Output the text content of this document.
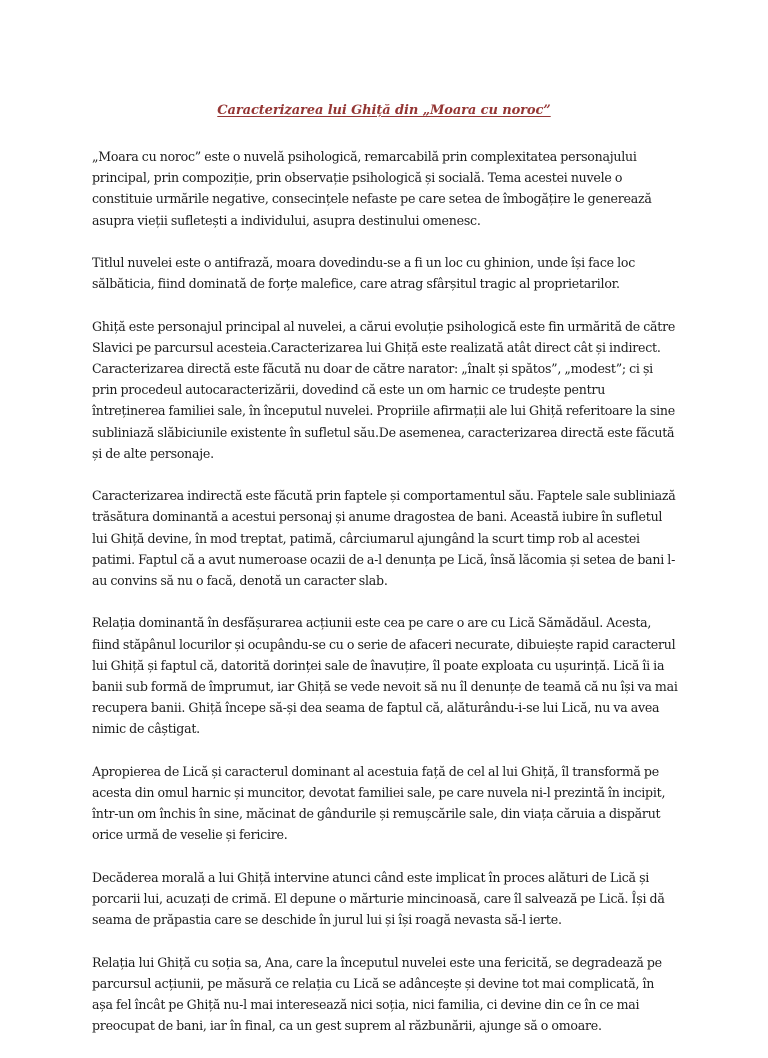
Caracterizarea lui Ghiță din „Moara cu noroc”

„Moara cu noroc” este o nuvelă psihologică, remarcabilă prin complexitatea personajului principal, prin compoziție, prin observație psihologică și socială. Tema acestei nuvele o constituie urmările negative, consecințele nefaste pe care setea de îmbogățire le generează asupra vieții sufletești a individului, asupra destinului omenesc.

Titlul nuvelei este o antifrază, moara dovedindu-se a fi un loc cu ghinion, unde își face loc sălbăticia, fiind dominată de forțe malefice, care atrag sfârșitul tragic al proprietarilor.

Ghiță este personajul principal al nuvelei, a cărui evoluție psihologică este fin urmărită de către Slavici pe parcursul acesteia.Caracterizarea lui Ghiță este realizată atât direct cât și indirect. Caracterizarea directă este făcută nu doar de către narator: „înalt și spătos”, „modest”; ci și prin procedeul autocaracterizării, dovedind că este un om harnic ce trudește pentru întreținerea familiei sale, în începutul nuvelei. Propriile afirmații ale lui Ghiță referitoare la sine subliniază slăbiciunile existente în sufletul său.De asemenea, caracterizarea directă este făcută și de alte personaje.

Caracterizarea indirectă este făcută prin faptele și comportamentul său. Faptele sale subliniază trăsătura dominantă a acestui personaj și anume dragostea de bani. Această iubire în sufletul lui Ghiță devine, în mod treptat, patimă, cârciumarul ajungând la scurt timp rob al acestei patimi. Faptul că a avut numeroase ocazii de a-l denunța pe Lică, însă lăcomia și setea de bani l-au convins să nu o facă, denotă un caracter slab.

Relația dominantă în desfășurarea acțiunii este cea pe care o are cu Lică Sămădăul. Acesta, fiind stăpânul locurilor și ocupându-se cu o serie de afaceri necurate, dibuiește rapid caracterul lui Ghiță și faptul că, datorită dorinței sale de înavuțire, îl poate exploata cu ușurință. Lică îi ia banii sub formă de împrumut, iar Ghiță se vede nevoit să nu îl denunțe de teamă că nu își va mai recupera banii. Ghiță începe să-și dea seama de faptul că, alăturându-i-se lui Lică, nu va avea nimic de câștigat.

Apropierea de Lică și caracterul dominant al acestuia față de cel al lui Ghiță, îl transformă pe acesta din omul harnic și muncitor, devotat familiei sale, pe care nuvela ni-l prezintă în incipit, într-un om închis în sine, măcinat de gândurile și remușcările sale, din viața căruia a dispărut orice urmă de veselie și fericire.

Decăderea morală a lui Ghiță intervine atunci când este implicat în proces alături de Lică și porcarii lui, acuzați de crimă. El depune o mărturie mincinoasă, care îl salvează pe Lică. Își dă seama de prăpastia care se deschide în jurul lui și își roagă nevasta să-l ierte.

Relația lui Ghiță cu soția sa, Ana, care la începutul nuvelei este una fericită, se degradează pe parcursul acțiunii, pe măsură ce relația cu Lică se adâncește și devine tot mai complicată, în așa fel încât pe Ghiță nu-l mai interesează nici soția, nici familia, ci devine din ce în ce mai preocupat de bani, iar în final, ca un gest suprem al răzbunării, ajunge să o omoare.
